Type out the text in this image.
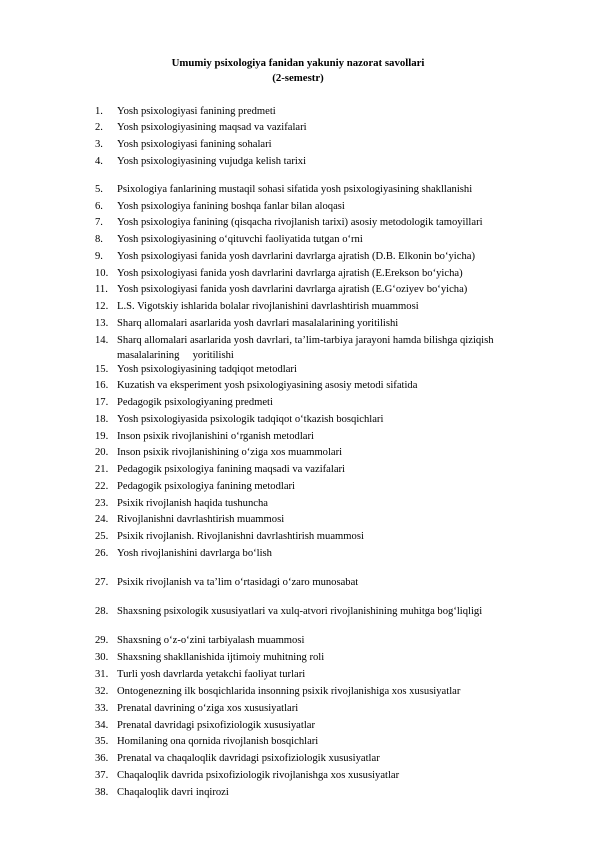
Umumiy psixologiya fanidan yakuniy nazorat savollari
(2-semestr)
1.	Yosh psixologiyasi fanining predmeti
2.	Yosh psixologiyasining maqsad va vazifalari
3.	Yosh psixologiyasi fanining sohalari
4.	Yosh psixologiyasining vujudga kelish tarixi
5.	Psixologiya fanlarining mustaqil sohasi sifatida yosh psixologiyasining shakllanishi
6.	Yosh psixologiya fanining boshqa fanlar bilan aloqasi
7.	Yosh psixologiya fanining (qisqacha rivojlanish tarixi) asosiy metodologik tamoyillari
8.	Yosh psixologiyasining o‘qituvchi faoliyatida tutgan o‘rni
9.	Yosh psixologiyasi fanida yosh davrlarini davrlarga ajratish (D.B. Elkonin bo‘yicha)
10. Yosh psixologiyasi fanida yosh davrlarini davrlarga ajratish (E.Erekson bo‘yicha)
11. Yosh psixologiyasi fanida yosh davrlarini davrlarga ajratish (E.G‘oziyev bo‘yicha)
12. L.S. Vigotskiy ishlarida bolalar rivojlanishini davrlashtirish muammosi
13. Sharq allomalari asarlarida yosh davrlari masalalarining yoritilishi
14. Sharq allomalari asarlarida yosh davrlari, ta’lim-tarbiya jarayoni hamda bilishga qiziqish
masalalarining     yoritilishi
15. Yosh psixologiyasining tadqiqot metodlari
16. Kuzatish va eksperiment yosh psixologiyasining asosiy metodi sifatida
17. Pedagogik psixologiyaning predmeti
18. Yosh psixologiyasida psixologik tadqiqot o‘tkazish bosqichlari
19. Inson psixik rivojlanishini o‘rganish metodlari
20. Inson psixik rivojlanishining o‘ziga xos muammolari
21. Pedagogik psixologiya fanining maqsadi va vazifalari
22. Pedagogik psixologiya fanining metodlari
23. Psixik rivojlanish haqida tushuncha
24. Rivojlanishni davrlashtirish muammosi
25. Psixik rivojlanish. Rivojlanishni davrlashtirish muammosi
26. Yosh rivojlanishini davrlarga bo‘lish
27. Psixik rivojlanish va ta’lim o‘rtasidagi o‘zaro munosabat
28. Shaxsning psixologik xususiyatlari va xulq-atvori rivojlanishining muhitga bog‘liqligi
29. Shaxsning o‘z-o‘zini tarbiyalash muammosi
30. Shaxsning shakllanishida ijtimoiy muhitning roli
31. Turli yosh davrlarda yetakchi faoliyat turlari
32. Ontogenezning ilk bosqichlarida insonning psixik rivojlanishiga xos xususiyatlar
33. Prenatal davrining o‘ziga xos xususiyatlari
34. Prenatal davridagi psixofiziologik xususiyatlar
35. Homilaning ona qornida rivojlanish bosqichlari
36. Prenatal va chaqaloqlik davridagi psixofiziologik xususiyatlar
37. Chaqaloqlik davrida psixofiziologik rivojlanishga xos xususiyatlar
38. Chaqaloqlik davri inqirozi
